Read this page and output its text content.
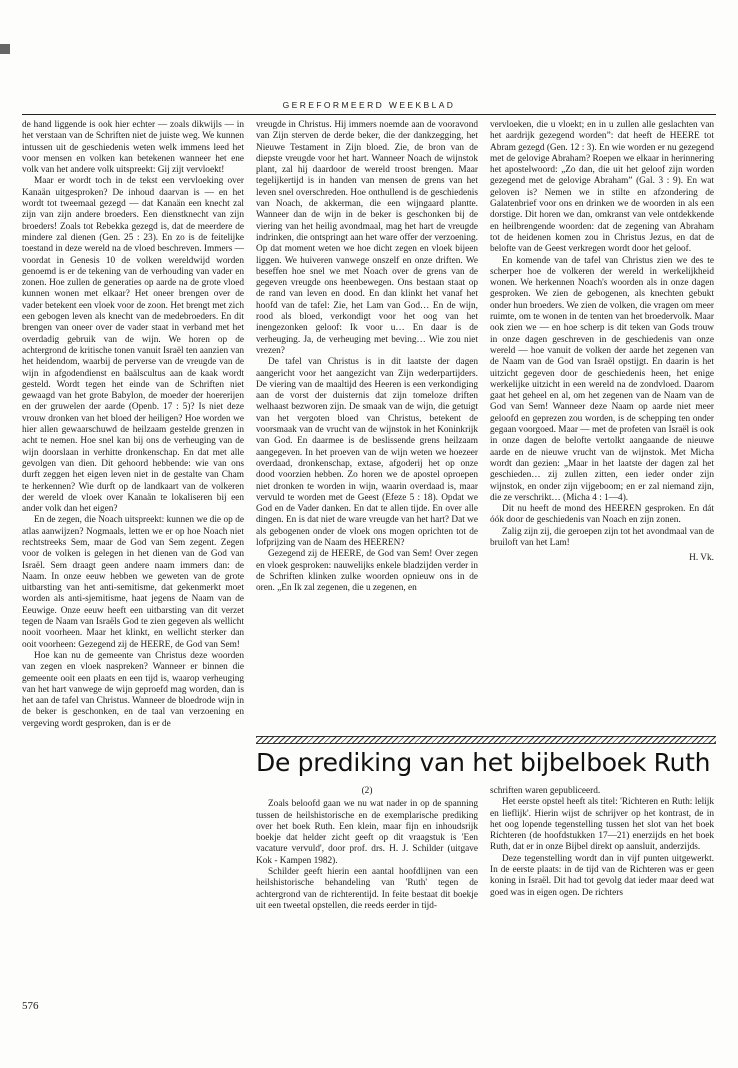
GEREFORMEERD WEEKBLAD

de hand liggende is ook hier echter — zoals dikwijls — in het verstaan van de Schriften niet de juiste weg. We kunnen intussen uit de geschiedenis weten welk immens leed het voor mensen en volken kan betekenen wanneer het ene volk van het andere volk uitspreekt: Gij zijt vervloekt!

Maar er wordt toch in de tekst een vervloeking over Kanaän uitgesproken? De inhoud daarvan is — en het wordt tot tweemaal gezegd — dat Kanaän een knecht zal zijn van zijn andere broeders. Een dienstknecht van zijn broeders! Zoals tot Rebekka gezegd is, dat de meerdere de mindere zal dienen (Gen. 25 : 23). En zo is de feitelijke toestand in deze wereld na de vloed beschreven. Immers — voordat in Genesis 10 de volken wereldwijd worden genoemd is er de tekening van de verhouding van vader en zonen. Hoe zullen de generaties op aarde na de grote vloed kunnen wonen met elkaar? Het oneer brengen over de vader betekent een vloek voor de zoon. Het brengt met zich een gebogen leven als knecht van de medebroeders. En dit brengen van oneer over de vader staat in verband met het overdadig gebruik van de wijn. We horen op de achtergrond de kritische tonen vanuit Israël ten aanzien van het heidendom, waarbij de perverse van de vreugde van de wijn in afgodendienst en baälscultus aan de kaak wordt gesteld. Wordt tegen het einde van de Schriften niet gewaagd van het grote Babylon, de moeder der hoererijen en der gruwelen der aarde (Openb. 17 : 5)? Is niet deze vrouw dronken van het bloed der heiligen? Hoe worden we hier allen gewaarschuwd de heilzaam gestelde grenzen in acht te nemen. Hoe snel kan bij ons de verheuging van de wijn doorslaan in verhitte dronkenschap. En dat met alle gevolgen van dien. Dit gehoord hebbende: wie van ons durft zeggen het eigen leven niet in de gestalte van Cham te herkennen? Wie durft op de landkaart van de volkeren der wereld de vloek over Kanaän te lokaliseren bij een ander volk dan het eigen?

En de zegen, die Noach uitspreekt: kunnen we die op de atlas aanwijzen? Nogmaals, letten we er op hoe Noach niet rechtstreeks Sem, maar de God van Sem zegent. Zegen voor de volken is gelegen in het dienen van de God van Israël. Sem draagt geen andere naam immers dan: de Naam. In onze eeuw hebben we geweten van de grote uitbarsting van het anti-semitisme, dat gekenmerkt moet worden als anti-sjemitisme, haat jegens de Naam van de Eeuwige. Onze eeuw heeft een uitbarsting van dit verzet tegen de Naam van Israëls God te zien gegeven als wellicht nooit voorheen. Maar het klinkt, en wellicht sterker dan ooit voorheen: Gezegend zij de HEERE, de God van Sem!

Hoe kan nu de gemeente van Christus deze woorden van zegen en vloek naspreken? Wanneer er binnen die gemeente ooit een plaats en een tijd is, waarop verheuging van het hart vanwege de wijn geproefd mag worden, dan is het aan de tafel van Christus. Wanneer de bloedrode wijn in de beker is geschonken, en de taal van verzoening en vergeving wordt gesproken, dan is er de

vreugde in Christus. Hij immers noemde aan de vooravond van Zijn sterven de derde beker, die der dankzegging, het Nieuwe Testament in Zijn bloed. Zie, de bron van de diepste vreugde voor het hart. Wanneer Noach de wijnstok plant, zal hij daardoor de wereld troost brengen. Maar tegelijkertijd is in handen van mensen de grens van het leven snel overschreden. Hoe onthullend is de geschiedenis van Noach, de akkerman, die een wijngaard plantte. Wanneer dan de wijn in de beker is geschonken bij de viering van het heilig avondmaal, mag het hart de vreugde indrinken, die ontspringt aan het ware offer der verzoening. Op dat moment weten we hoe dicht zegen en vloek bijeen liggen. We huiveren vanwege onszelf en onze driften. We beseffen hoe snel we met Noach over de grens van de gegeven vreugde ons heenbewegen. Ons bestaan staat op de rand van leven en dood. En dan klinkt het vanaf het hoofd van de tafel: Zie, het Lam van God… En de wijn, rood als bloed, verkondigt voor het oog van het inengezonken geloof: Ik voor u… En daar is de verheuging. Ja, de verheuging met beving… Wie zou niet vrezen?

De tafel van Christus is in dit laatste der dagen aangericht voor het aangezicht van Zijn wederpartijders. De viering van de maaltijd des Heeren is een verkondiging aan de vorst der duisternis dat zijn tomeloze driften welhaast bezworen zijn. De smaak van de wijn, die getuigt van het vergoten bloed van Christus, betekent de voorsmaak van de vrucht van de wijnstok in het Koninkrijk van God. En daarmee is de beslissende grens heilzaam aangegeven. In het proeven van de wijn weten we hoezeer overdaad, dronkenschap, extase, afgoderij het op onze dood voorzien hebben. Zo horen we de apostel oproepen niet dronken te worden in wijn, waarin overdaad is, maar vervuld te worden met de Geest (Efeze 5 : 18). Opdat we God en de Vader danken. En dat te allen tijde. En over alle dingen. En is dat niet de ware vreugde van het hart? Dat we als gebogenen onder de vloek ons mogen oprichten tot de lofprijzing van de Naam des HEEREN?

Gezegend zij de HEERE, de God van Sem! Over zegen en vloek gesproken: nauwelijks enkele bladzijden verder in de Schriften klinken zulke woorden opnieuw ons in de oren. „En Ik zal zegenen, die u zegenen, en

vervloeken, die u vloekt; en in u zullen alle geslachten van het aardrijk gezegend worden”: dat heeft de HEERE tot Abram gezegd (Gen. 12 : 3). En wie worden er nu gezegend met de gelovige Abraham? Roepen we elkaar in herinnering het apostelwoord: „Zo dan, die uit het geloof zijn worden gezegend met de gelovige Abraham” (Gal. 3 : 9). En wat geloven is? Nemen we in stilte en afzondering de Galatenbrief voor ons en drinken we de woorden in als een dorstige. Dit horen we dan, omkranst van vele ontdekkende en heilbrengende woorden: dat de zegening van Abraham tot de heidenen komen zou in Christus Jezus, en dat de belofte van de Geest verkregen wordt door het geloof.

En komende van de tafel van Christus zien we des te scherper hoe de volkeren der wereld in werkelijkheid wonen. We herkennen Noach's woorden als in onze dagen gesproken. We zien de gebogenen, als knechten gebukt onder hun broeders. We zien de volken, die vragen om meer ruimte, om te wonen in de tenten van het broedervolk. Maar ook zien we — en hoe scherp is dit teken van Gods trouw in onze dagen geschreven in de geschiedenis van onze wereld — hoe vanuit de volken der aarde het zegenen van de Naam van de God van Israël opstijgt. En daarin is het uitzicht gegeven door de geschiedenis heen, het enige werkelijke uitzicht in een wereld na de zondvloed. Daarom gaat het geheel en al, om het zegenen van de Naam van de God van Sem! Wanneer deze Naam op aarde niet meer geloofd en geprezen zou worden, is de schepping ten onder gegaan voorgoed. Maar — met de profeten van Israël is ook in onze dagen de belofte vertolkt aangaande de nieuwe aarde en de nieuwe vrucht van de wijnstok. Met Micha wordt dan gezien: „Maar in het laatste der dagen zal het geschieden… zij zullen zitten, een ieder onder zijn wijnstok, en onder zijn vijgeboom; en er zal niemand zijn, die ze verschrikt… (Micha 4 : 1—4).

Dit nu heeft de mond des HEEREN gesproken. En dát óók door de geschiedenis van Noach en zijn zonen.

Zalig zijn zij, die geroepen zijn tot het avondmaal van de bruiloft van het Lam!

H. Vk.

De prediking van het bijbelboek Ruth

(2)

Zoals beloofd gaan we nu wat nader in op de spanning tussen de heilshistorische en de exemplarische prediking over het boek Ruth. Een klein, maar fijn en inhoudsrijk boekje dat helder zicht geeft op dit vraagstuk is 'Een vacature vervuld', door prof. drs. H. J. Schilder (uitgave Kok - Kampen 1982).

Schilder geeft hierin een aantal hoofdlijnen van een heilshistorische behandeling van 'Ruth' tegen de achtergrond van de richterentijd. In feite bestaat dit boekje uit een tweetal opstellen, die reeds eerder in tijd-

schriften waren gepubliceerd.

Het eerste opstel heeft als titel: 'Richteren en Ruth: lelijk en lieflijk'. Hierin wijst de schrijver op het kontrast, de in het oog lopende tegenstelling tussen het slot van het boek Richteren (de hoofdstukken 17—21) enerzijds en het boek Ruth, dat er in onze Bijbel direkt op aansluit, anderzijds.

Deze tegenstelling wordt dan in vijf punten uitgewerkt. In de eerste plaats: in de tijd van de Richteren was er geen koning in Israël. Dit had tot gevolg dat ieder maar deed wat goed was in eigen ogen. De richters

576
